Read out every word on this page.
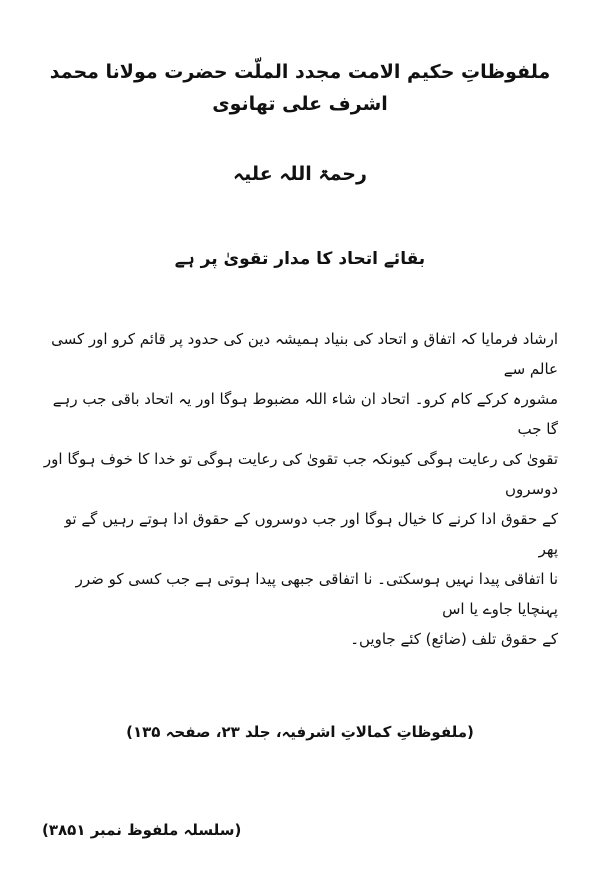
ملفوظاتِ حکیم الامت مجدد الملّت حضرت مولانا محمد اشرف علی تھانوی
رحمۃ اللہ علیہ
بقائے اتحاد کا مدار تقویٰ پر ہے

ارشاد فرمایا کہ اتفاق و اتحاد کی بنیاد ہمیشہ دین کی حدود پر قائم کرو اور کسی عالم سے

مشورہ کرکے کام کرو۔ اتحاد ان شاء اللہ مضبوط ہوگا اور یہ اتحاد باقی جب رہے گا جب

تقویٰ کی رعایت ہوگی کیونکہ جب تقویٰ کی رعایت ہوگی تو خدا کا خوف ہوگا اور دوسروں

کے حقوق ادا کرنے کا خیال ہوگا اور جب دوسروں کے حقوق ادا ہوتے رہیں گے تو پھر

نا اتفاقی پیدا نہیں ہوسکتی۔ نا اتفاقی جبھی پیدا ہوتی ہے جب کسی کو ضرر پہنچایا جاوے یا اس

کے حقوق تلف (ضائع) کئے جاویں۔

(ملفوظاتِ کمالاتِ اشرفیہ، جلد ۲۳، صفحہ ۱۳۵)
(سلسلہ ملفوظ نمبر ۳۸۵۱)
